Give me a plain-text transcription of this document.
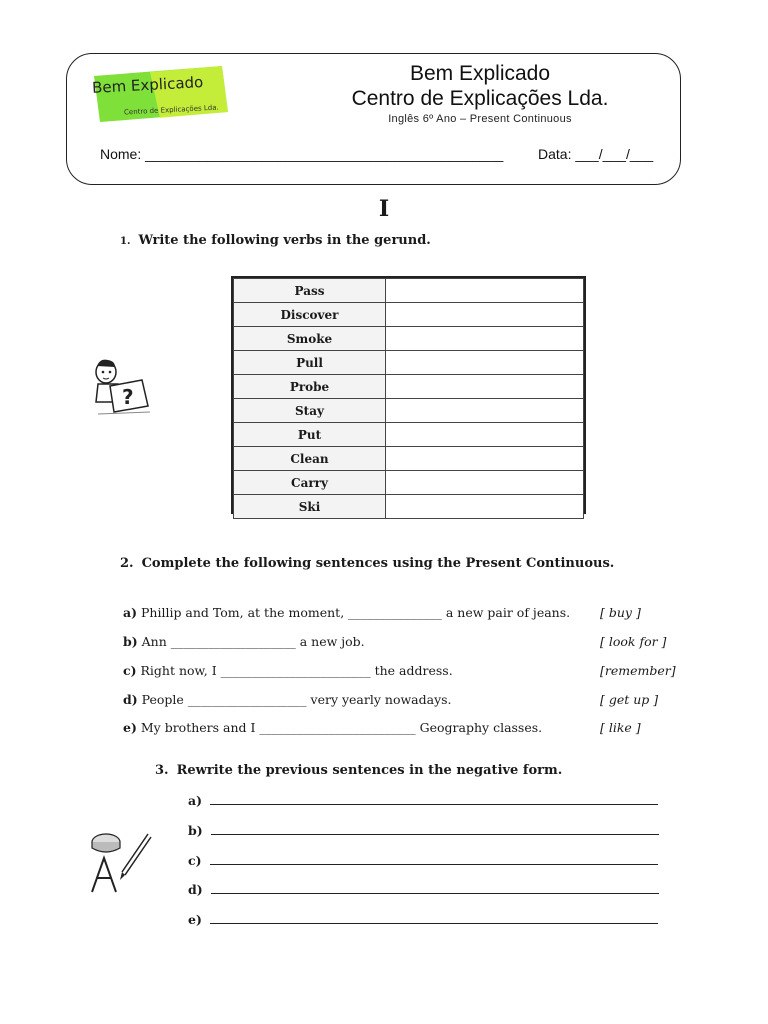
Bem Explicado
Centro de Explicações Lda.
Bem Explicado
Centro de Explicações Lda.
Inglês 6º Ano – Present Continuous
Nome: ______________________________________________ Data: ___/___/___
I
1. Write the following verbs in the gerund.
?
Pass	
Discover	
Smoke	
Pull	
Probe	
Stay	
Put	
Clean	
Carry	
Ski	
2. Complete the following sentences using the Present Continuous.
a) Phillip and Tom, at the moment, _______________ a new pair of jeans.	[ buy ]
b) Ann ____________________ a new job.	[ look for ]
c) Right now, I ________________________ the address.	[remember]
d) People ___________________ very yearly nowadays.	[ get up ]
e) My brothers and I _________________________ Geography classes.	[ like ]
3. Rewrite the previous sentences in the negative form.
a)
b)
c)
d)
e)
